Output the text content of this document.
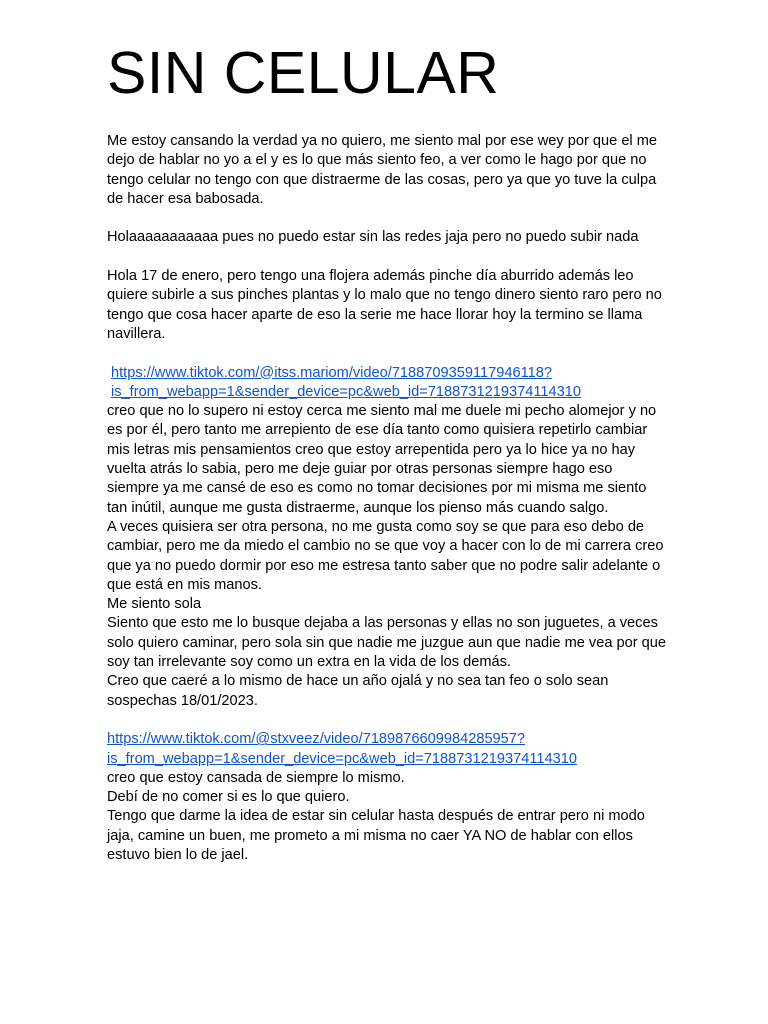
SIN CELULAR

Me estoy cansando la verdad ya no quiero, me siento mal por ese wey por que el me dejo de hablar no yo a el y es lo que más siento feo, a ver como le hago por que no tengo celular no tengo con que distraerme de las cosas, pero ya que yo tuve la culpa de hacer esa babosada.

Holaaaaaaaaaaa pues no puedo estar sin las redes jaja pero no puedo subir nada

Hola 17 de enero, pero tengo una flojera además pinche día aburrido además leo quiere subirle a sus pinches plantas y lo malo que no tengo dinero siento raro pero no tengo que cosa hacer aparte de eso la serie me hace llorar hoy la termino se llama navillera.

https://www.tiktok.com/@itss.mariom/video/7188709359117946118?
is_from_webapp=1&sender_device=pc&web_id=7188731219374114310

creo que no lo supero ni estoy cerca me siento mal me duele mi pecho alomejor y no es por él, pero tanto me arrepiento de ese día tanto como quisiera repetirlo cambiar mis letras mis pensamientos creo que estoy arrepentida pero ya lo hice ya no hay vuelta atrás lo sabia, pero me deje guiar por otras personas siempre hago eso siempre ya me cansé de eso es como no tomar decisiones por mi misma me siento tan inútil, aunque me gusta distraerme, aunque los pienso más cuando salgo.

A veces quisiera ser otra persona, no me gusta como soy se que para eso debo de cambiar, pero me da miedo el cambio no se que voy a hacer con lo de mi carrera creo que ya no puedo dormir por eso me estresa tanto saber que no podre salir adelante o que está en mis manos.

Me siento sola

Siento que esto me lo busque dejaba a las personas y ellas no son juguetes, a veces solo quiero caminar, pero sola sin que nadie me juzgue aun que nadie me vea por que soy tan irrelevante soy como un extra en la vida de los demás.

Creo que caeré a lo mismo de hace un año ojalá y no sea tan feo o solo sean sospechas 18/01/2023.

https://www.tiktok.com/@stxveez/video/7189876609984285957?
is_from_webapp=1&sender_device=pc&web_id=7188731219374114310

creo que estoy cansada de siempre lo mismo.

Debí de no comer si es lo que quiero.

Tengo que darme la idea de estar sin celular hasta después de entrar pero ni modo jaja, camine un buen, me prometo a mi misma no caer YA NO de hablar con ellos estuvo bien lo de jael.
